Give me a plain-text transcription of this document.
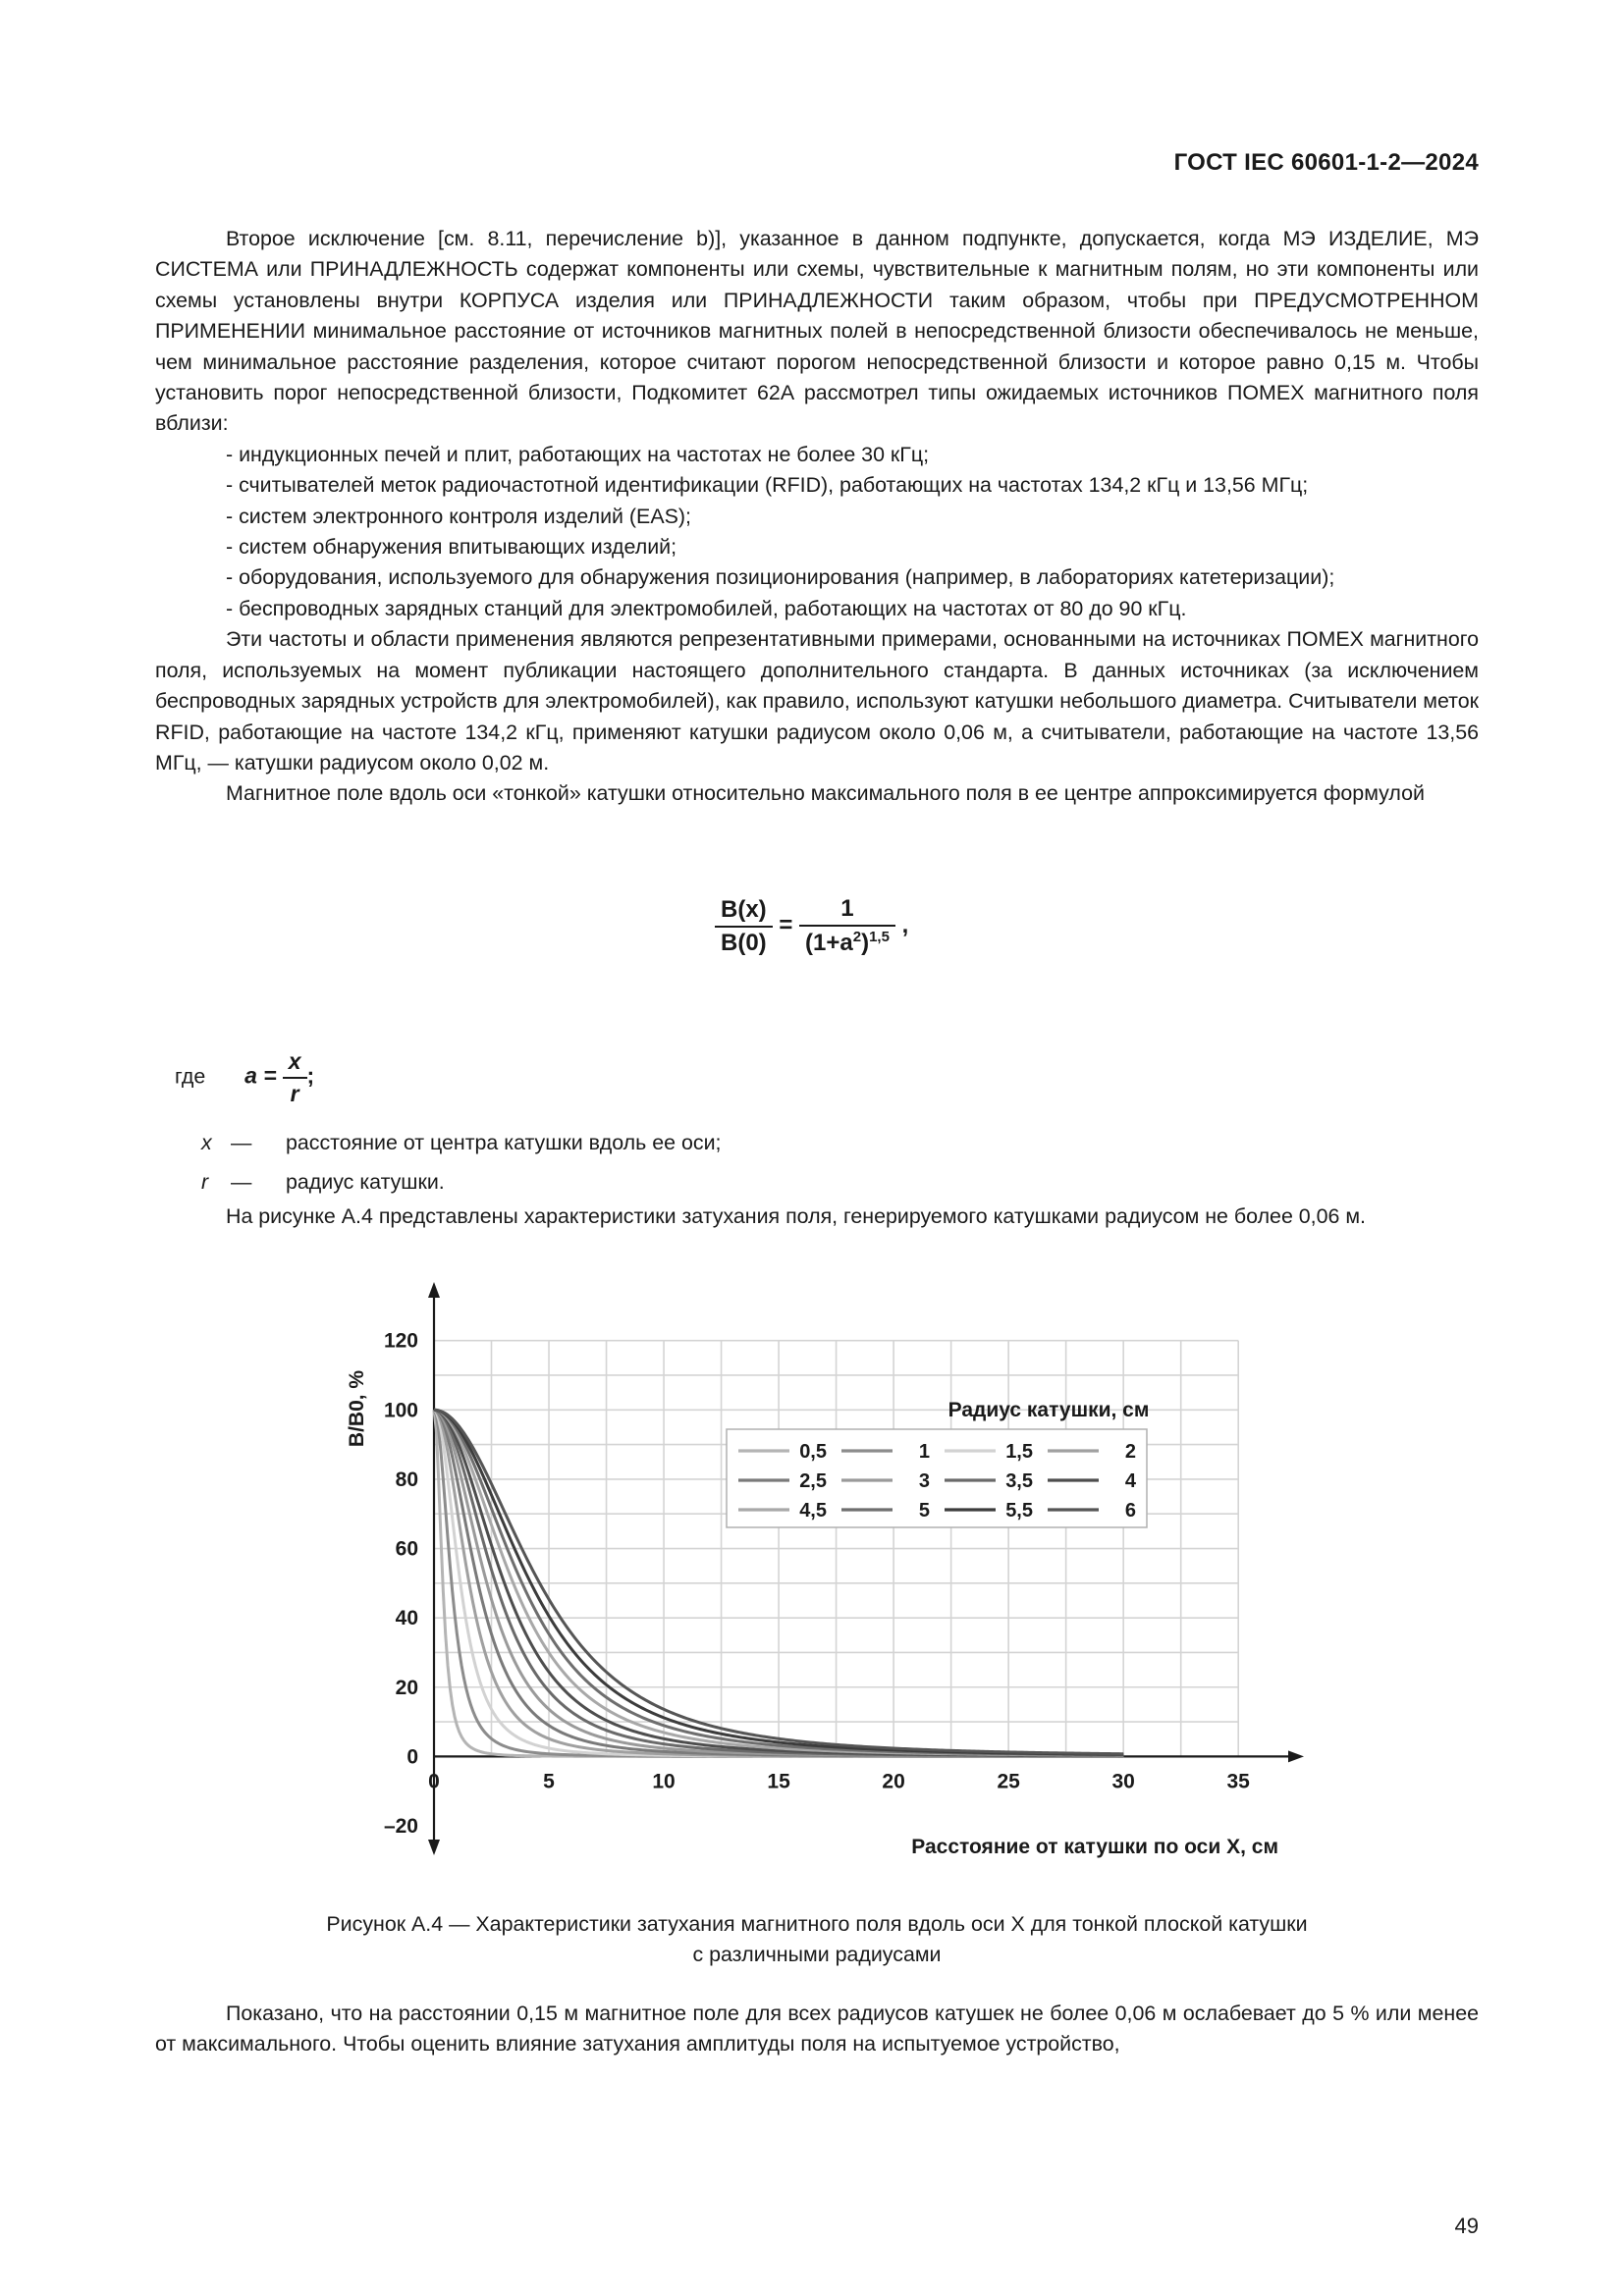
ГОСТ IEC 60601-1-2—2024

Второе исключение [см. 8.11, перечисление b)], указанное в данном подпункте, допускается, когда МЭ ИЗДЕЛИЕ, МЭ СИСТЕМА или ПРИНАДЛЕЖНОСТЬ содержат компоненты или схемы, чувствительные к магнитным полям, но эти компоненты или схемы установлены внутри КОРПУСА изделия или ПРИНАДЛЕЖНОСТИ таким образом, чтобы при ПРЕДУСМОТРЕННОМ ПРИМЕНЕНИИ минимальное расстояние от источников магнитных полей в непосредственной близости обеспечивалось не меньше, чем минимальное расстояние разделения, которое считают порогом непосредственной близости и которое равно 0,15 м. Чтобы установить порог непосредственной близости, Подкомитет 62А рассмотрел типы ожидаемых источников ПОМЕХ магнитного поля вблизи:

- индукционных печей и плит, работающих на частотах не более 30 кГц;

- считывателей меток радиочастотной идентификации (RFID), работающих на частотах 134,2 кГц и 13,56 МГц;

- систем электронного контроля изделий (EAS);

- систем обнаружения впитывающих изделий;

- оборудования, используемого для обнаружения позиционирования (например, в лабораториях катетеризации);

- беспроводных зарядных станций для электромобилей, работающих на частотах от 80 до 90 кГц.

Эти частоты и области применения являются репрезентативными примерами, основанными на источниках ПОМЕХ магнитного поля, используемых на момент публикации настоящего дополнительного стандарта. В данных источниках (за исключением беспроводных зарядных устройств для электромобилей), как правило, используют катушки небольшого диаметра. Считыватели меток RFID, работающие на частоте 134,2 кГц, применяют катушки радиусом около 0,06 м, а считыватели, работающие на частоте 13,56 МГц, — катушки радиусом около 0,02 м.

Магнитное поле вдоль оси «тонкой» катушки относительно максимального поля в ее центре аппроксимируется формулой

$\frac{B(x)}{B(0)} = \frac{1}{(1+a^2)^{1,5}}$ ,
где $a = \frac{x}{r}$ ;
x — расстояние от центра катушки вдоль ее оси;
r — радиус катушки.

На рисунке А.4 представлены характеристики затухания поля, генерируемого катушками радиусом не более 0,06 м.

0	5	10	15	20	25	30	35
–20
0
20
40
60
80
100
120
0,5	1	1,5	2
2,5	3	3,5	4
4,5	5	5,5	6
B/B0, %
Расстояние от катушки по оси X, см
Радиус катушки, см
Рисунок А.4 — Характеристики затухания магнитного поля вдоль оси X для тонкой плоской катушки
с различными радиусами

Показано, что на расстоянии 0,15 м магнитное поле для всех радиусов катушек не более 0,06 м ослабевает до 5 % или менее от максимального. Чтобы оценить влияние затухания амплитуды поля на испытуемое устройство,

49
